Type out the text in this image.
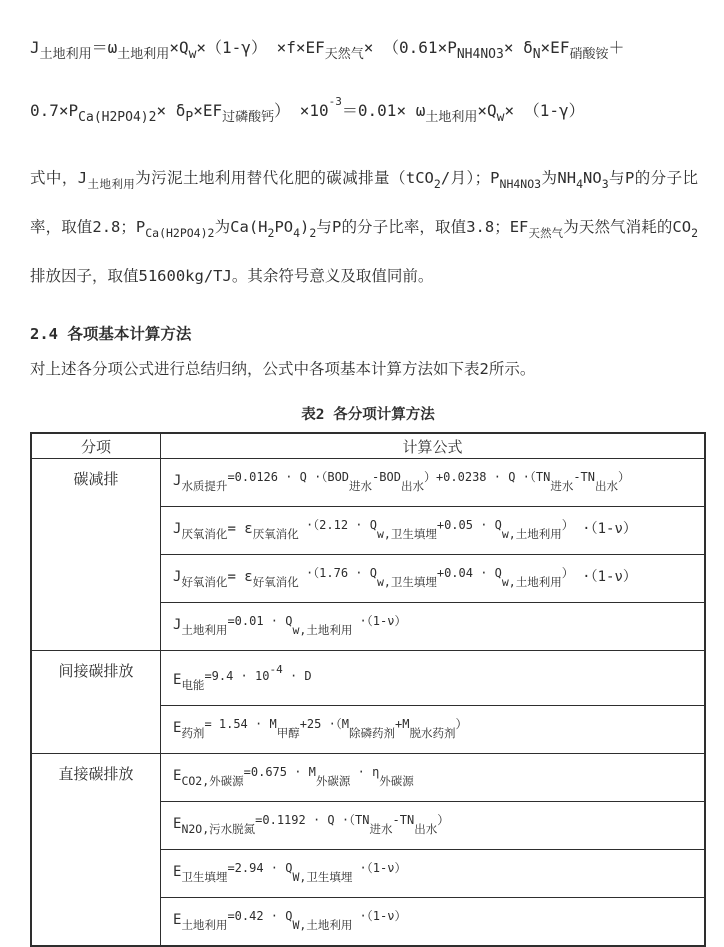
$J_{土地利用}=\omega_{土地利用}\times Q_w\times(1-\gamma) \times f\times EF_{天然气}\times (0.61\times P_{NH4NO3}\times \delta_N\times EF_{硝酸铵}+$
$0.7\times P_{Ca(H2PO4)2}\times \delta_P\times EF_{过磷酸钙}) \times 10^{-3}=0.01\times \omega_{土地利用}\times Q_w\times (1-\gamma)$
式中，$J_{土地利用}$为污泥土地利用替代化肥的碳减排量（tCO$_2$/月）；$P_{NH4NO3}$为$NH_4NO_3$与P的分子比率，取值2.8；$P_{Ca(H2PO4)2}$为$Ca(H_2PO_4)_2$与P的分子比率，取值3.8；$EF_{天然气}$为天然气消耗的$CO_2$排放因子，取值51600kg/TJ。其余符号意义及取值同前。
2.4 各项基本计算方法
对上述各分项公式进行总结归纳，公式中各项基本计算方法如下表2所示。
表2 各分项计算方法
分项	计算公式
碳减排	$J_{水质提升}=0.0126 \cdot Q \cdot(BOD_{进水}-BOD_{出水})+0.0238 \cdot Q \cdot(TN_{进水}-TN_{出水})$
	$J_{厌氧消化}= \varepsilon_{厌氧消化} \cdot(2.12 \cdot Q_{w,卫生填埋}+0.05 \cdot Q_{w,土地利用}) \cdot(1-\nu)$
	$J_{好氧消化}= \varepsilon_{好氧消化} \cdot(1.76 \cdot Q_{w,卫生填埋}+0.04 \cdot Q_{w,土地利用}) \cdot(1-\nu)$
	$J_{土地利用}=0.01 \cdot Q_{w,土地利用} \cdot(1-\nu)$
间接碳排放	$E_{电能}=9.4 \cdot 10^{-4} \cdot D$
	$E_{药剂}= 1.54 \cdot M_{甲醇}+25 \cdot(M_{除磷药剂}+M_{脱水药剂})$
直接碳排放	$E_{CO2,外碳源}=0.675 \cdot M_{外碳源} \cdot \eta_{外碳源}$
	$E_{N2O,污水脱氮}=0.1192 \cdot Q \cdot(TN_{进水}-TN_{出水})$
	$E_{卫生填埋}=2.94 \cdot Q_{W,卫生填埋} \cdot(1-\nu)$
	$E_{土地利用}=0.42 \cdot Q_{W,土地利用} \cdot(1-\nu)$
